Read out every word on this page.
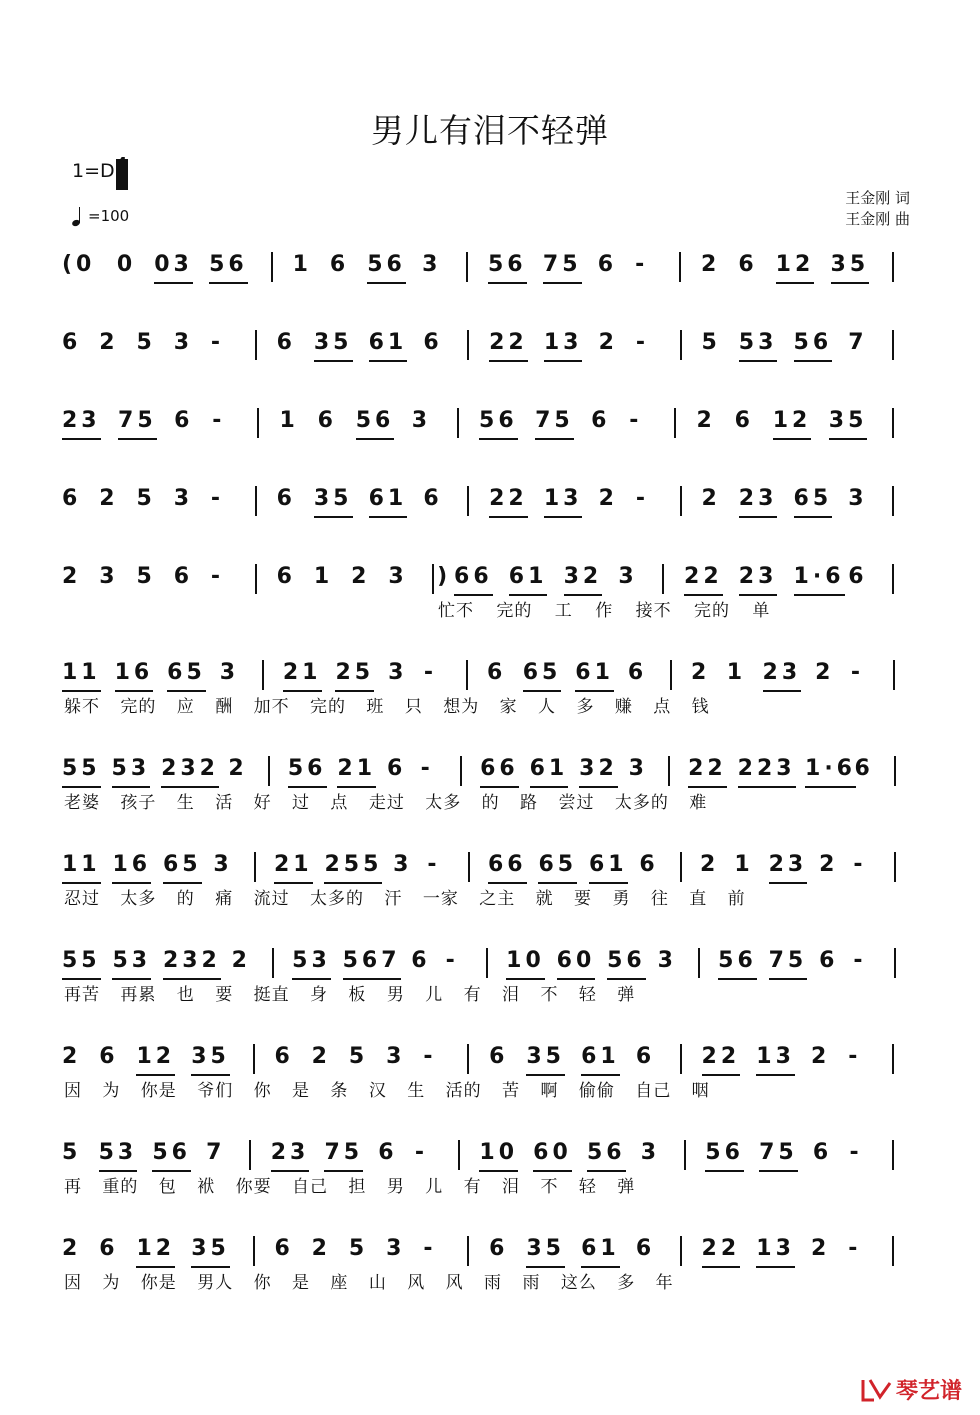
男儿有泪不轻弹
1=D
=100
王金刚 词
王金刚 曲
(0 0 03 56 1 6 56 3 56 75 6 - 2 6 12 35
6 2 5 3 - 6 35 61 6 22 13 2 - 5 53 56 7
23 75 6 - 1 6 56 3 56 75 6 - 2 6 12 35
6 2 5 3 - 6 35 61 6 22 13 2 - 2 23 65 3
2 3 5 6 - 6 1 2 3 ) 66 61 32 3 22 23 1·6 6
忙不 完的 工 作 接不 完的 单
11 16 65 3 21 25 3 - 6 65 61 6 2 1 23 2 -
躲不 完的 应 酬 加不 完的 班 只 想为 家 人 多 赚 点 钱
55 53 232 2 56 21 6 - 66 61 32 3 22 223 1·6
6
老婆 孩子 生 活 好 过 点 走过 太多 的 路 尝过 太多的 难
11 16 65 3 21 255 3 - 66 65 61 6 2 1 23 2 -
忍过 太多 的 痛 流过 太多的 汗 一家 之主 就 要 勇 往 直 前
55 53 232 2 53 567 6 - 10 60 56 3 56 75 6 -
再苦 再累 也 要 挺直 身 板 男 儿 有 泪 不 轻 弹
2 6 12 35 6 2 5 3 - 6 35 61 6 22 13 2 -
因 为 你是 爷们 你 是 条 汉 生 活的 苦 啊 偷偷 自己 咽
5 53 56 7 23 75 6 - 10 60 56 3 56 75 6 -
再 重的 包 袱 你要 自己 担 男 儿 有 泪 不 轻 弹
2 6 12 35 6 2 5 3 - 6 35 61 6 22 13 2 -
因 为 你是 男人 你 是 座 山 风 风 雨 雨 这么 多 年
琴艺谱
